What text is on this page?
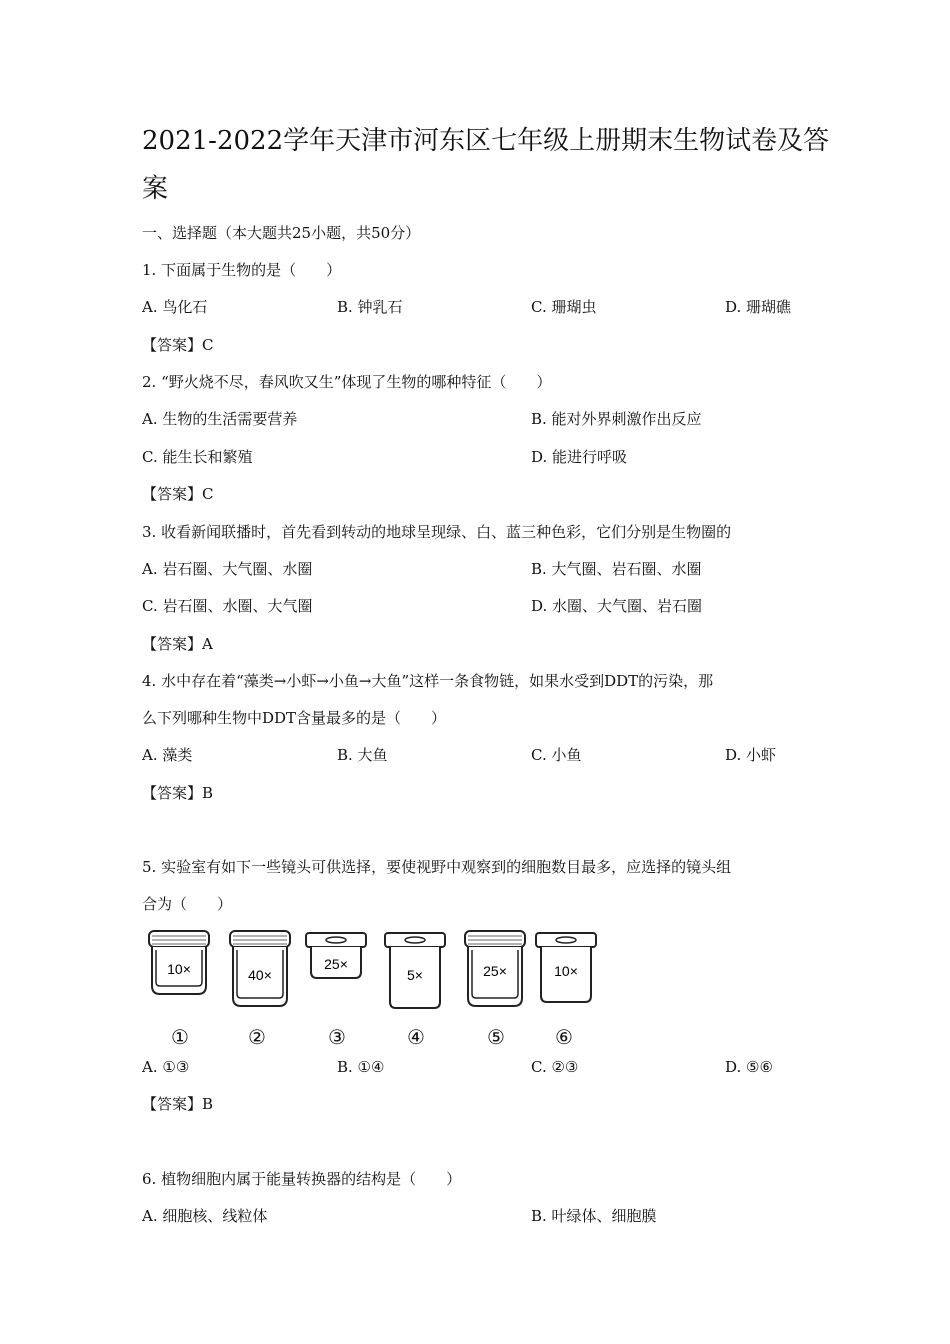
2021-2022学年天津市河东区七年级上册期末生物试卷及答
案
一、选择题（本大题共25小题，共50分）
1. 下面属于生物的是（　　）
A. 鸟化石	B. 钟乳石	C. 珊瑚虫	D. 珊瑚礁
【答案】C
2. “野火烧不尽，春风吹又生”体现了生物的哪种特征（　　）
A. 生物的生活需要营养	B. 能对外界刺激作出反应
C. 能生长和繁殖	D. 能进行呼吸
【答案】C
3. 收看新闻联播时，首先看到转动的地球呈现绿、白、蓝三种色彩，它们分别是生物圈的
A. 岩石圈、大气圈、水圈	B. 大气圈、岩石圈、水圈
C. 岩石圈、水圈、大气圈	D. 水圈、大气圈、岩石圈
【答案】A
4. 水中存在着“藻类→小虾→小鱼→大鱼”这样一条食物链，如果水受到DDT的污染，那
么下列哪种生物中DDT含量最多的是（　　）
A. 藻类	B. 大鱼	C. 小鱼	D. 小虾
【答案】B
5. 实验室有如下一些镜头可供选择，要使视野中观察到的细胞数目最多，应选择的镜头组
合为（　　）
10×	40×
25×
5×	25×	10×
①	②	③	④	⑤	⑥
A. ①③	B. ①④	C. ②③	D. ⑤⑥
【答案】B
6. 植物细胞内属于能量转换器的结构是（　　）
A. 细胞核、线粒体	B. 叶绿体、细胞膜
